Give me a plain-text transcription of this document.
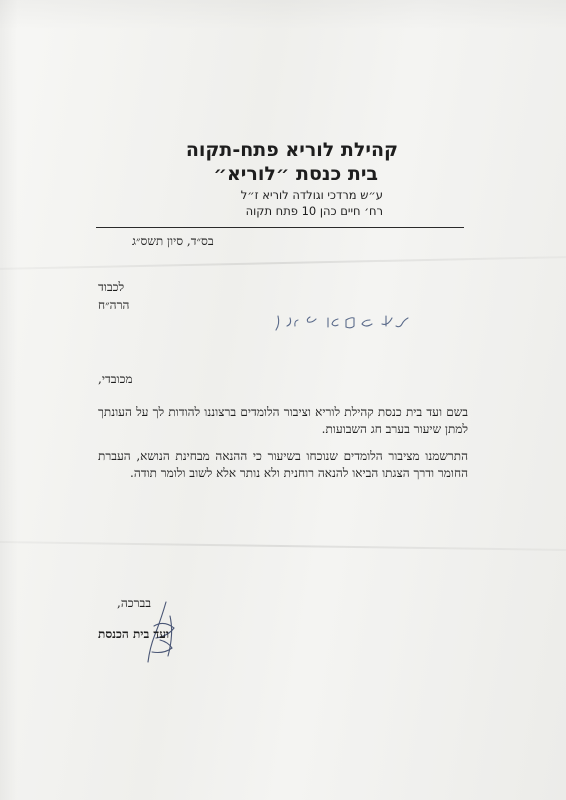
קהילת לוריא פתח-תקוה
בית כנסת ״לוריא״
ע״ש מרדכי וגולדה לוריא ז״ל
רח׳ חיים כהן 10 פתח תקוה
בס״ד, סיון תשס״ג
לכבוד
הרה״ח
מכובדי,
בשם ועד בית כנסת קהילת לוריא וציבור הלומדים ברצוננו להודות לך על העונתך למתן שיעור בערב חג השבועות.
התרשמנו מציבור הלומדים שנוכחו בשיעור כי ההנאה מבחינת הנושא, העברת החומר ודרך הצגתו הביאו להנאה רוחנית ולא נותר אלא לשוב ולומר תודה.
בברכה,
ועד בית הכנסת
